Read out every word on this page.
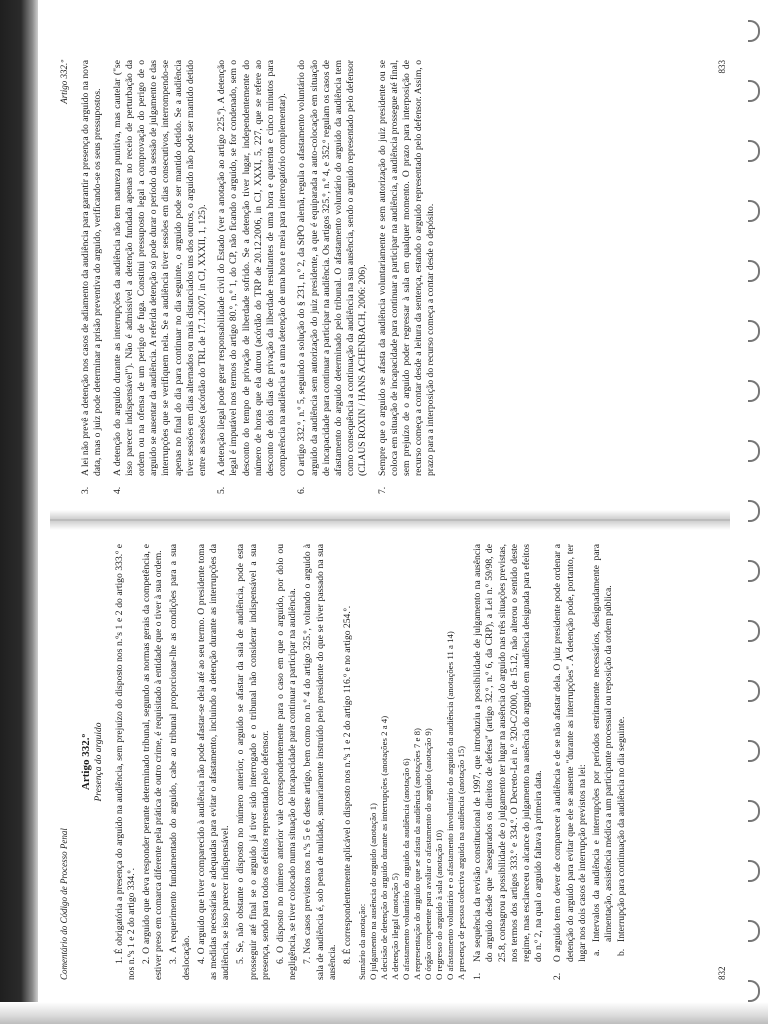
Comentário do Código de Processo Penal
Artigo 332.º Presença do arguido 1. É obrigatória a presença do arguido na audiência, sem prejuízo do disposto nos n.ºs 1 e 2 do artigo 333.º e nos n.ºs 1 e 2 do artigo 334.º. 2. O arguido que deva responder perante determinado tribunal, segundo as normas gerais da competência, e estiver preso em comarca diferente pela prática de outro crime, é requisitado à entidade que o tiver à sua ordem. 3. A requerimento fundamentado do arguido, cabe ao tribunal proporcionar-lhe as condições para a sua deslocação. 4. O arguido que tiver comparecido à audiência não pode afastar-se dela até ao seu termo. O presidente toma as medidas necessárias e adequadas para evitar o afastamento, incluindo a detenção durante as interrupções da audiência, se isso parecer indispensável. 5. Se, não obstante o disposto no número anterior, o arguido se afastar da sala de audiência, pode esta prosseguir até final se o arguido já tiver sido interrogado e o tribunal não considerar indispensável a sua presença, sendo para todos os efeitos representado pelo defensor. 6. O disposto no número anterior vale correspondentemente para o caso em que o arguido, por dolo ou negligência, se tiver colocado numa situação de incapacidade para continuar a participar na audiência. 7. Nos casos previstos nos n.ºs 5 e 6 deste artigo, bem como no n.º 4 do artigo 325.º, voltando o arguido à sala de audiência é, sob pena de nulidade, sumariamente instruído pelo presidente do que se tiver passado na sua ausência. 8. É correspondentemente aplicável o disposto nos n.ºs 1 e 2 do artigo 116.º e no artigo 254.º. Sumário da anotação: O julgamento na ausência do arguido (anotação 1) A decisão de detenção do arguido durante as interrupções (anotações 2 a 4) A detenção ilegal (anotação 5) O afastamento voluntário do arguido da audiência (anotação 6) A representação do arguido que se afasta da audiência (anotações 7 e 8) O órgão competente para avaliar o afastamento do arguido (anotação 9) O regresso do arguido à sala (anotação 10) O afastamento voluntário e o afastamento involuntário do arguido da audiência (anotações 11 a 14) A presença de pessoa colectiva arguida na audiência (anotação 15) 1.

Na sequência da revisão constitucional de 1997, que introduziu a possibilidade de julgamento na ausência do arguido desde que "assegurados os direitos de defesa" (artigo 32.º, n.º 6, da CRP), a Lei n.º 59/98, de 25.8, consagrou a possibilidade de o julgamento ter lugar na ausência do arguido nas três situações previstas, nos termos dos artigos 333.º e 334.º. O Decreto-Lei n.º 320-C/2000, de 15.12, não alterou o sentido deste regime, mas esclareceu o alcance do julgamento na ausência do arguido em audiência designada para efeitos do n.º 2, na qual o arguido faltava à primeira data.

2.

O arguido tem o dever de comparecer à audiência e de se não afastar dela. O juiz presidente pode ordenar a detenção do arguido para evitar que ele se ausente "durante as interrupções". A detenção pode, portanto, ter lugar nos dois casos de interrupção previstos na lei: a.
Intervalos da audiência e interrupções por períodos estritamente necessários, designadamente para alimentação, assistência médica a um participante processual ou reposição da ordem pública.
b.
Interrupção para continuação da audiência no dia seguinte.
832
Artigo 332.º
3.

A lei não prevê a detenção nos casos de adiamento da audiência para garantir a presença do arguido na nova data, mas o juiz pode determinar a prisão preventiva do arguido, verificando-se os seus pressupostos.

4.

A detenção do arguido durante as interrupções da audiência não tem natureza punitiva, mas cautelar ("se isso parecer indispensável"). Não é admissível a detenção fundada apenas no receio de perturbação da ordem ou na ofensa de um perigo de fuga. Constitui pressuposto legal a comprovação do perigo de o arguido se ausentar da audiência. A referida detenção só pode durar o período da sessão de julgamento e das interrupções que se verifiquem nela. Se a audiência tiver sessões em dias consecutivos, interrompendo-se apenas no final do dia para continuar no dia seguinte, o arguido pode ser mantido detido. Se a audiência tiver sessões em dias alternados ou mais distanciados uns dos outros, o arguido não pode ser mantido detido entre as sessões (acórdão do TRL de 17.1.2007, in CJ, XXXII, 1, 125).

5.

A detenção ilegal pode gerar responsabilidade civil do Estado (ver a anotação ao artigo 225.º). A detenção legal é imputável nos termos do artigo 80.º, n.º 1, do CP, não ficando o arguido, se for condenado, sem o desconto do tempo de privação de liberdade sofrido. Se a detenção tiver lugar, independentemente do número de horas que ela durou (acórdão do TRP de 20.12.2006, in CJ, XXXI, 5, 227, que se refere ao desconto de dois dias de privação da liberdade resultantes de uma hora e quarenta e cinco minutos para comparência na audiência e a uma detenção de uma hora e meia para interrogatório complementar).

6.

O artigo 332.º, n.º 5, seguindo a solução do § 231, n.º 2, da StPO alemã, regula o afastamento voluntário do arguido da audiência sem autorização do juiz presidente, a que é equiparada a auto-colocação em situação de incapacidade para continuar a participar na audiência. Os artigos 325.º, n.º 4, e 352.º regulam os casos de afastamento do arguido determinado pelo tribunal. O afastamento voluntário do arguido da audiência tem como consequência a continuação da audiência na sua ausência, sendo o arguido representado pelo defensor (CLAUS ROXIN / HANS ACHENBACH, 2006: 206).

7.

Sempre que o arguido se afasta da audiência voluntariamente e sem autorização do juiz presidente ou se coloca em situação de incapacidade para continuar a participar na audiência, a audiência prossegue até final, sem prejuízo de o arguido poder regressar à sala em qualquer momento. O prazo para interposição de recurso começa a contar desde a leitura da sentença, estando o arguido representado pelo defensor. Assim, o prazo para a interposição do recurso começa a contar desde o depósito.

833
